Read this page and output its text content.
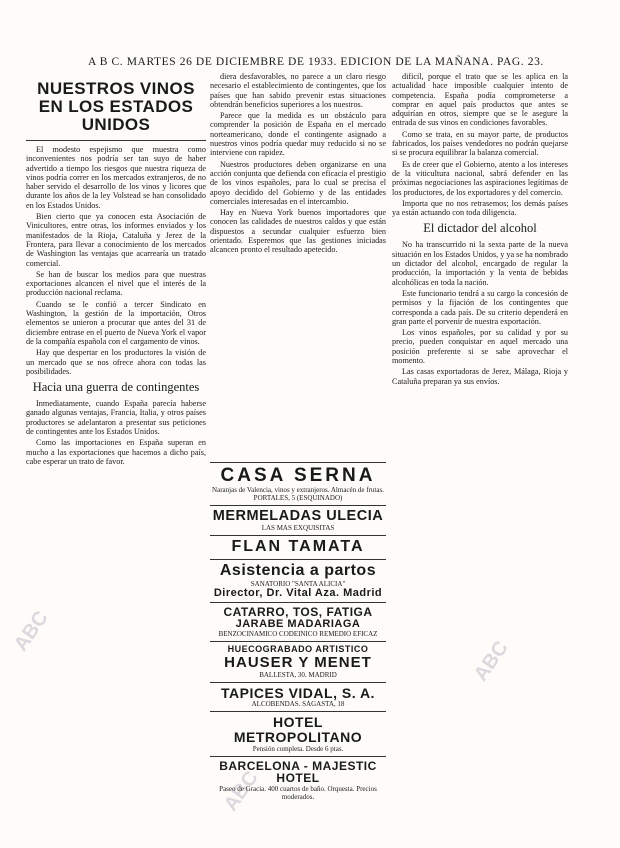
A B C. MARTES 26 DE DICIEMBRE DE 1933. EDICION DE LA MAÑANA. PAG. 23.
NUESTROS VINOS EN LOS ESTADOS UNIDOS

El modesto espejismo que muestra como inconvenientes nos podría ser tan suyo de haber advertido a tiempo los riesgos que nuestra riqueza de vinos podría correr en los mercados extranjeros, de no haber servido el desarrollo de los vinos y licores que durante los años de la ley Volstead se han consolidado en los Estados Unidos.

Bien cierto que ya conocen esta Asociación de Vinicultores, entre otras, los informes enviados y los manifestados de la Rioja, Cataluña y Jerez de la Frontera, para llevar a conocimiento de los mercados de Washington las ventajas que acarrearía un tratado comercial.

Se han de buscar los medios para que nuestras exportaciones alcancen el nivel que el interés de la producción nacional reclama.

Cuando se le confió a tercer Sindicato en Washington, la gestión de la importación, Otros elementos se unieron a procurar que antes del 31 de diciembre entrase en el puerto de Nueva York el vapor de la compañía española con el cargamento de vinos.

Hay que despertar en los productores la visión de un mercado que se nos ofrece ahora con todas las posibilidades.

Hacia una guerra de contingentes

Inmediatamente, cuando España parecía haberse ganado algunas ventajas, Francia, Italia, y otros países productores se adelantaron a presentar sus peticiones de contingentes ante los Estados Unidos.

Como las importaciones en España superan en mucho a las exportaciones que hacemos a dicho país, cabe esperar un trato de favor.

diera desfavorables, no parece a un claro riesgo necesario el establecimiento de contingentes, que los países que han sabido prevenir estas situaciones obtendrán beneficios superiores a los nuestros.

Parece que la medida es un obstáculo para comprender la posición de España en el mercado norteamericano, donde el contingente asignado a nuestros vinos podría quedar muy reducido si no se interviene con rapidez.

Nuestros productores deben organizarse en una acción conjunta que defienda con eficacia el prestigio de los vinos españoles, para lo cual se precisa el apoyo decidido del Gobierno y de las entidades comerciales interesadas en el intercambio.

Hay en Nueva York buenos importadores que conocen las calidades de nuestros caldos y que están dispuestos a secundar cualquier esfuerzo bien orientado. Esperemos que las gestiones iniciadas alcancen pronto el resultado apetecido.

CASA SERNA
Naranjas de Valencia, vinos y extranjeros. Almacén de frutas. PORTALES, 5 (ESQUINADO)
MERMELADAS ULECIA
LAS MAS EXQUISITAS
FLAN TAMATA
Asistencia a partos
SANATORIO "SANTA ALICIA"
Director, Dr. Vital Aza. Madrid
CATARRO, TOS, FATIGA
JARABE MADARIAGA
BENZOCINAMICO CODEINICO REMEDIO EFICAZ
HUECOGRABADO ARTISTICO
HAUSER Y MENET
BALLESTA, 30. MADRID
TAPICES VIDAL, S. A.
ALCOBENDAS. SAGASTA, 18
HOTEL METROPOLITANO
Pensión completa. Desde 6 ptas.
BARCELONA - MAJESTIC HOTEL
Paseo de Gracia. 400 cuartos de baño. Orquesta. Precios moderados.

dificil, porque el trato que se les aplica en la actualidad hace imposible cualquier intento de competencia. España podía comprometerse a comprar en aquel país productos que antes se adquirían en otros, siempre que se le asegure la entrada de sus vinos en condiciones favorables.

Como se trata, en su mayor parte, de productos fabricados, los países vendedores no podrán quejarse si se procura equilibrar la balanza comercial.

Es de creer que el Gobierno, atento a los intereses de la viticultura nacional, sabrá defender en las próximas negociaciones las aspiraciones legítimas de los productores, de los exportadores y del comercio.

Importa que no nos retrasemos; los demás países ya están actuando con toda diligencia.

El dictador del alcohol

No ha transcurrido ni la sexta parte de la nueva situación en los Estados Unidos, y ya se ha nombrado un dictador del alcohol, encargado de regular la producción, la importación y la venta de bebidas alcohólicas en toda la nación.

Este funcionario tendrá a su cargo la concesión de permisos y la fijación de los contingentes que corresponda a cada país. De su criterio dependerá en gran parte el porvenir de nuestra exportación.

Los vinos españoles, por su calidad y por su precio, pueden conquistar en aquel mercado una posición preferente si se sabe aprovechar el momento.

Las casas exportadoras de Jerez, Málaga, Rioja y Cataluña preparan ya sus envíos.

ABC
ABC
ABC
